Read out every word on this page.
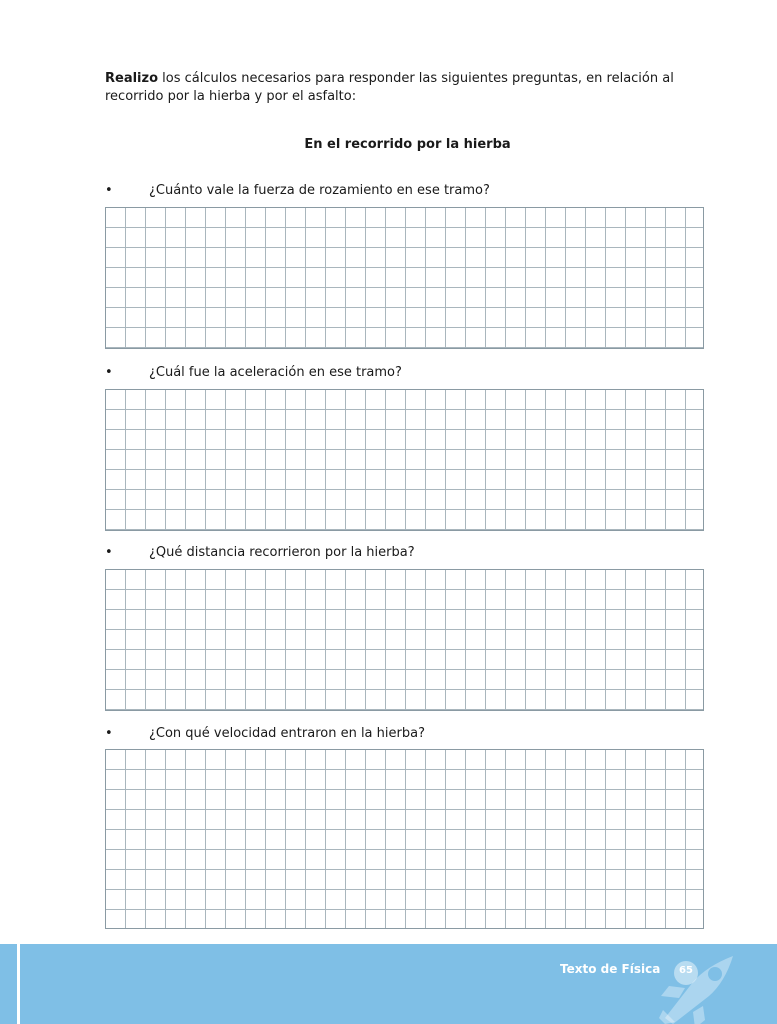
Realizo los cálculos necesarios para responder las siguientes preguntas, en relación al recorrido por la hierba y por el asfalto:
En el recorrido por la hierba
•	¿Cuánto vale la fuerza de rozamiento en ese tramo?
•	¿Cuál fue la aceleración en ese tramo?
•	¿Qué distancia recorrieron por la hierba?
•	¿Con qué velocidad entraron en la hierba?
Texto de Física 65
